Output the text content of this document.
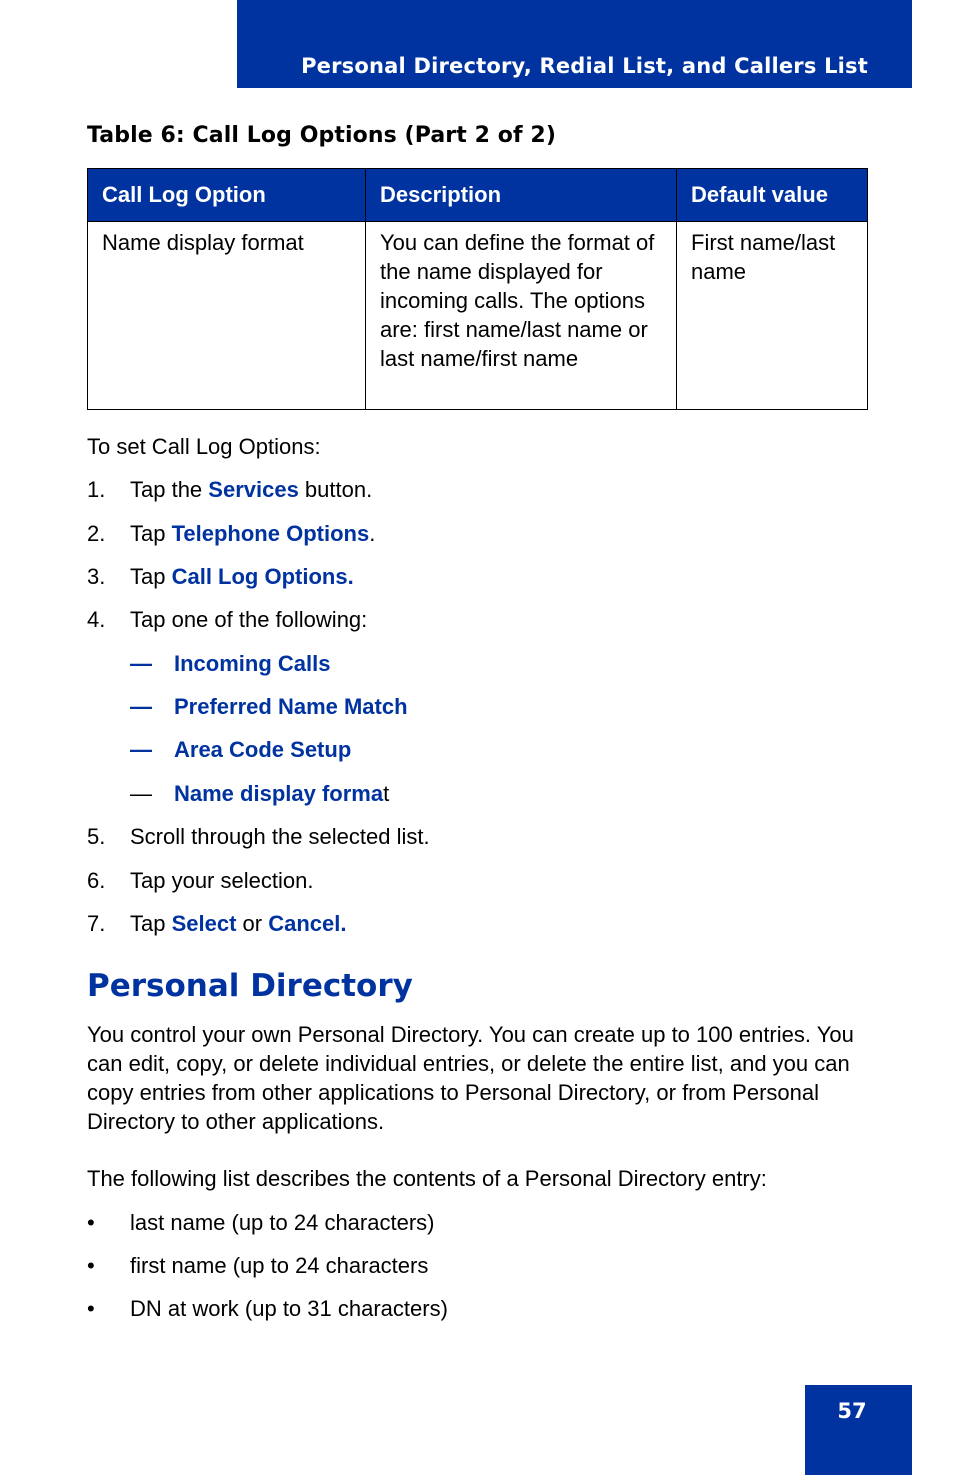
Personal Directory, Redial List, and Callers List
Table 6: Call Log Options (Part 2 of 2)
Call Log Option	Description	Default value
Name display format	You can define the format of the name displayed for incoming calls. The options are: first name/last name or last name/first name	First name/last name
To set Call Log Options:
1. Tap the Services button.
2. Tap Telephone Options.
3. Tap Call Log Options.
4. Tap one of the following:
— Incoming Calls
— Preferred Name Match
— Area Code Setup
— Name display format
5. Scroll through the selected list.
6. Tap your selection.
7. Tap Select or Cancel.
Personal Directory
You control your own Personal Directory. You can create up to 100 entries. You can edit, copy, or delete individual entries, or delete the entire list, and you can copy entries from other applications to Personal Directory, or from Personal Directory to other applications.
The following list describes the contents of a Personal Directory entry:
• last name (up to 24 characters)
• first name (up to 24 characters
• DN at work (up to 31 characters)
57
